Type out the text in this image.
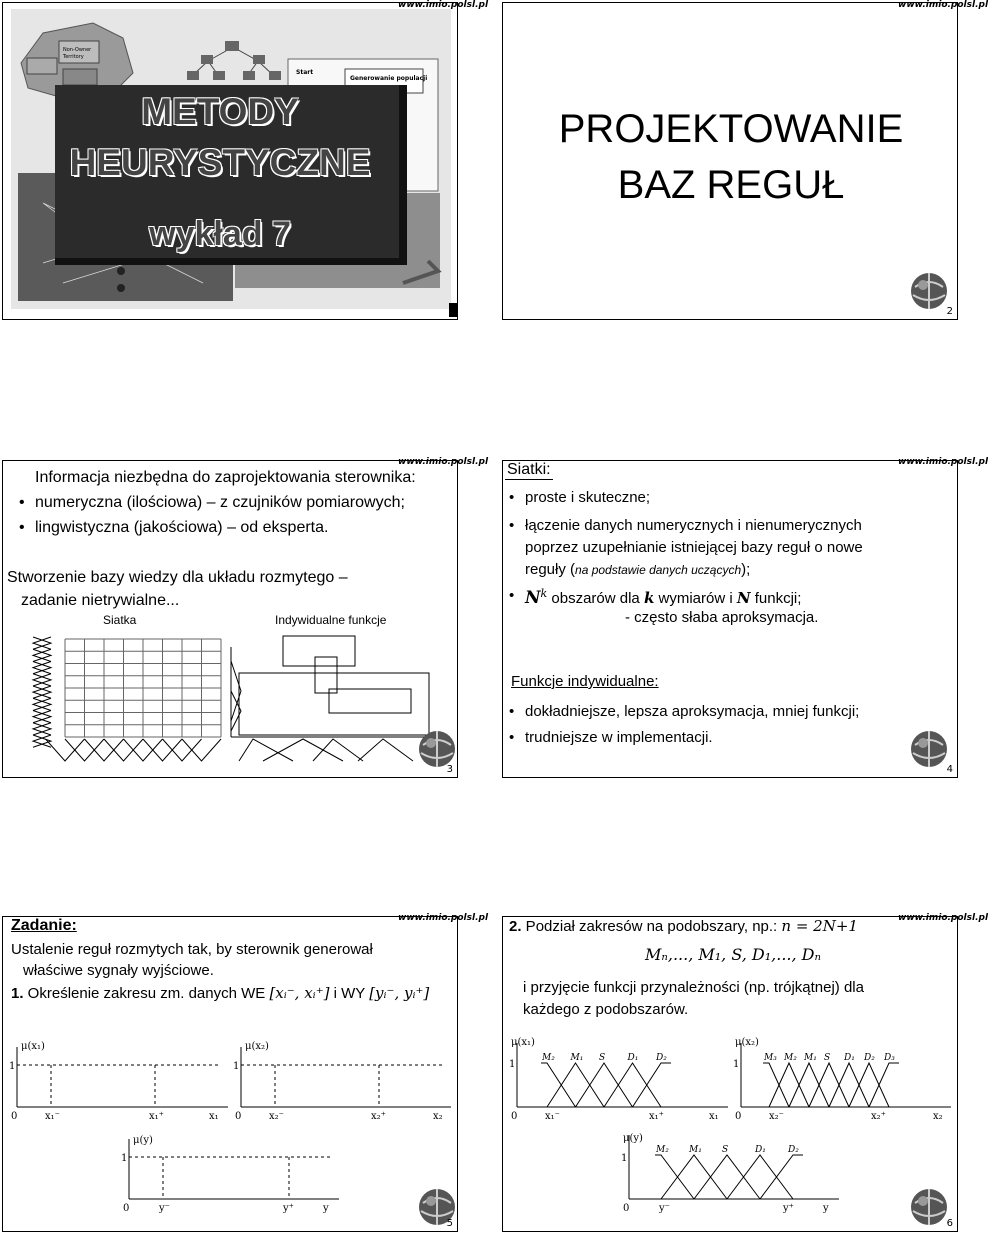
Non-Owner
Territory
Start
Generowanie populacji
METODY
HEURYSTYCZNE
wykład 7
www.imio.polsl.pl
PROJEKTOWANIE
BAZ REGUŁ
2
www.imio.polsl.pl
Informacja niezbędna do zaprojektowania sterownika:
• numeryczna (ilościowa) – z czujników pomiarowych;
• lingwistyczna (jakościowa) – od eksperta.
Stworzenie bazy wiedzy dla układu rozmytego –
zadanie nietrywialne...
Siatka	Indywidualne funkcje
3
www.imio.polsl.pl	Siatki:
• proste i skuteczne;
• łączenie danych numerycznych i nienumerycznych
poprzez uzupełnianie istniejącej bazy reguł o nowe
reguły (na podstawie danych uczących);
• $N^k$ obszarów dla k wymiarów i N funkcji;
- często słaba aproksymacja.
Funkcje indywidualne:
• dokładniejsze, lepsza aproksymacja, mniej funkcji;
• trudniejsze w implementacji.
4
www.imio.polsl.pl
Zadanie:
Ustalenie reguł rozmytych tak, by sterownik generował
właściwe sygnały wyjściowe.
1. Określenie zakresu zm. danych WE [xᵢ⁻, xᵢ⁺] i WY [yᵢ⁻, yᵢ⁺]
μ(x₁)
1
0	x₁⁻	x₁⁺	x₁
μ(x₂)
1
0	x₂⁻	x₂⁺	x₂
μ(y)
1
0	y⁻	y⁺	y
5
www.imio.polsl.pl	2. Podział zakresów na podobszary, np.: n = 2N+1
Mₙ,..., M₁, S, D₁,..., Dₙ
i przyjęcie funkcji przynależności (np. trójkątnej) dla
każdego z podobszarów.
μ(x₁)
1
0	x₁⁻	x₁⁺	x₁
μ(x₂)
1
0	x₂⁻	x₂⁺	x₂
μ(y)
1
0	y⁻	y⁺	y
M₂ M₁ S D₁ D₂	M₃ M₂ M₁ S D₁ D₂ D₃
M₂ M₁ S	D₁ D₂
6
www.imio.polsl.pl
